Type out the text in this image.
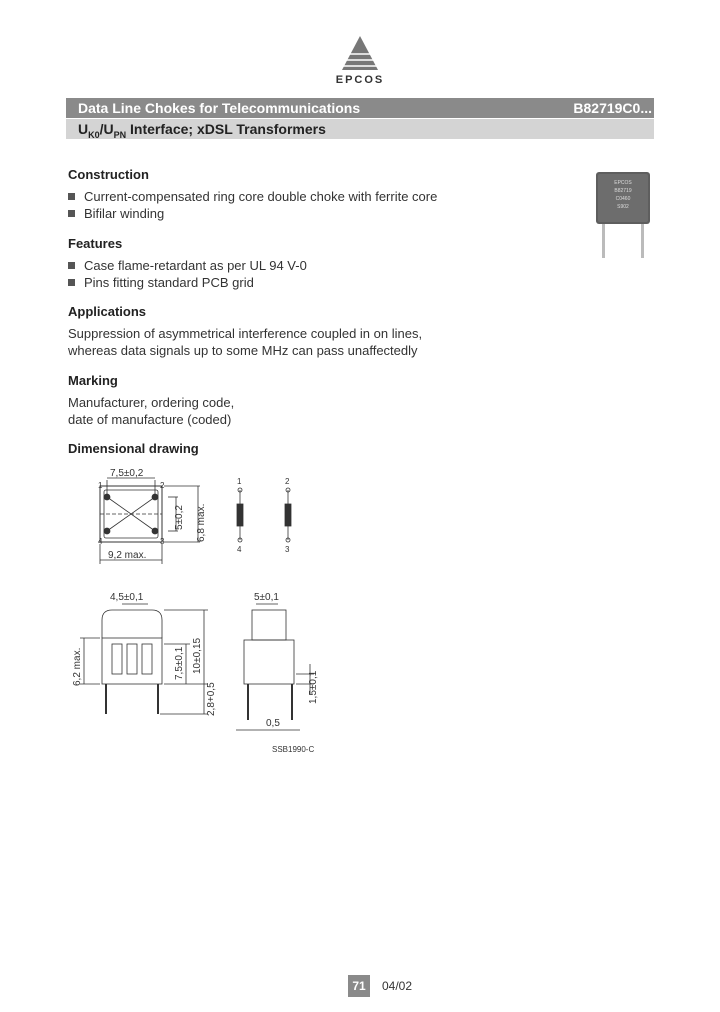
EPCOS
Data Line Chokes for Telecommunications	B82719C0...
$U_{K0}/U_{PN}$ Interface; xDSL Transformers
EPCOS
B82719
C0460
S902
Construction
Current-compensated ring core double choke with ferrite core
Bifilar winding
Features
Case flame-retardant as per UL 94 V-0
Pins fitting standard PCB grid
Applications
Suppression of asymmetrical interference coupled in on lines,
whereas data signals up to some MHz can pass unaffectedly
Marking
Manufacturer, ordering code,
date of manufacture (coded)
Dimensional drawing
7,5±0,2
9,2 max.
5±0,2 6,8 max.
1	2
3
4
1	2
3
4
4,5±0,1
6,2 max.	7,5±0,1 10±0,15
2,8+0,5
5±0,1
1,5±0,1
0,5
SSB1990-C
71	04/02
